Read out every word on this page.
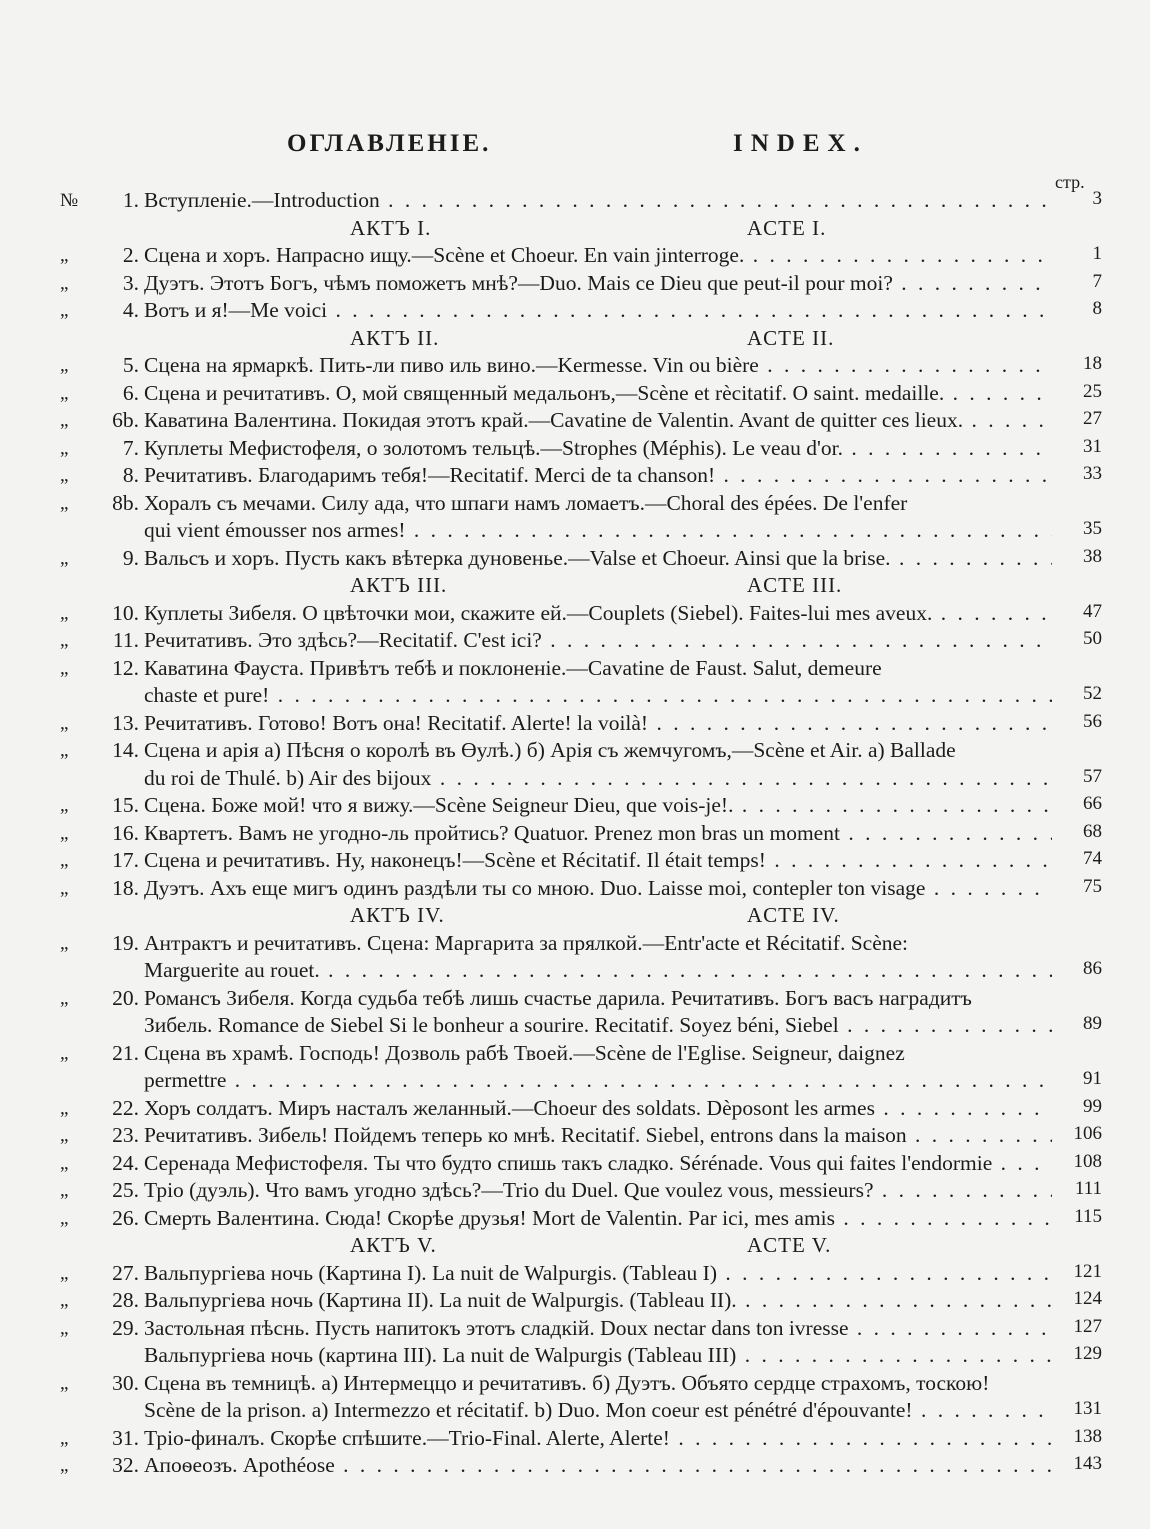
ОГЛАВЛЕНІЕ.	INDEX.
стр.
№	1. Вступленіе.—Introduction . . .	3
АКТЪ I.	ACTE I.
„	2. Сцена и хоръ. Напрасно ищу.—Scène et Choeur. En vain jinterroge. . . .	1
„	3. Дуэтъ. Этотъ Богъ, чѣмъ поможетъ мнѣ?—Duo. Mais ce Dieu que peut-il pour moi? . . .	7
„	4. Вотъ и я!—Me voici . . .	8
АКТЪ II.	ACTE II.
„	5. Сцена на ярмаркѣ. Пить-ли пиво иль вино.—Kermesse. Vin ou bière . . .	18
„	6. Сцена и речитативъ. О, мой священный медальонъ,—Scène et rècitatif. O saint. medaille. . . .	25
„	6b. Каватина Валентина. Покидая этотъ край.—Cavatine de Valentin. Avant de quitter ces lieux. . . .	27
„	7. Куплеты Мефистофеля, о золотомъ тельцѣ.—Strophes (Méphis). Le veau d'or. . . .	31
„	8. Речитативъ. Благодаримъ тебя!—Recitatif. Merci de ta chanson! . . .	33
„	8b. Хоралъ съ мечами. Силу ада, что шпаги намъ ломаетъ.—Choral des épées. De l'enfer
qui vient émousser nos armes! . . .	35
„	9. Вальсъ и хоръ. Пусть какъ вѣтерка дуновенье.—Valse et Choeur. Ainsi que la brise. . . .	38
АКТЪ III.	ACTE III.
„	10. Куплеты Зибеля. О цвѣточки мои, скажите ей.—Couplets (Siebel). Faites-lui mes aveux. . . .	47
„	11. Речитативъ. Это здѣсь?—Recitatif. C'est ici? . . .	50
„	12. Каватина Фауста. Привѣтъ тебѣ и поклоненіе.—Cavatine de Faust. Salut, demeure
chaste et pure! . . .	52
„	13. Речитативъ. Готово! Вотъ она! Recitatif. Alerte! la voilà! . . .	56
„	14. Сцена и арія а) Пѣсня о королѣ въ Өулѣ.) б) Арія съ жемчугомъ,—Scène et Air. a) Ballade
du roi de Thulé. b) Air des bijoux . . .	57
„	15. Сцена. Боже мой! что я вижу.—Scène Seigneur Dieu, que vois-je!. . . .	66
„	16. Квартетъ. Вамъ не угодно-ль пройтись? Quatuor. Prenez mon bras un moment . . .	68
„	17. Сцена и речитативъ. Ну, наконецъ!—Scène et Récitatif. Il était temps! . . .	74
„	18. Дуэтъ. Ахъ еще мигъ одинъ раздѣли ты со мною. Duo. Laisse moi, contepler ton visage . . .	75
АКТЪ IV.	ACTE IV.
„	19. Антрактъ и речитативъ. Сцена: Маргарита за прялкой.—Entr'acte et Récitatif. Scène:
Marguerite au rouet. . . .	86
„	20. Романсъ Зибеля. Когда судьба тебѣ лишь счастье дарила. Речитативъ. Богъ васъ наградитъ
Зибель. Romance de Siebel Si le bonheur a sourire. Recitatif. Soyez béni, Siebel . . .	89
„	21. Сцена въ храмѣ. Господь! Дозволь рабѣ Твоей.—Scène de l'Eglise. Seigneur, daignez
permettre . . .	91
„	22. Хоръ солдатъ. Миръ насталъ желанный.—Choeur des soldats. Dèposont les armes . . .	99
„	23. Речитативъ. Зибель! Пойдемъ теперь ко мнѣ. Recitatif. Siebel, entrons dans la maison . . .	106
„	24. Серенада Мефистофеля. Ты что будто спишь такъ сладко. Sérénade. Vous qui faites l'endormie . . .	108
„	25. Тріо (дуэль). Что вамъ угодно здѣсь?—Trio du Duel. Que voulez vous, messieurs? . . .	111
„	26. Смерть Валентина. Сюда! Скорѣе друзья! Mort de Valentin. Par ici, mes amis . . .	115
АКТЪ V.	ACTE V.
„	27. Вальпургіева ночь (Картина I). La nuit de Walpurgis. (Tableau I) . . .	121
„	28. Вальпургіева ночь (Картина II). La nuit de Walpurgis. (Tableau II). . . .	124
„	29. Застольная пѣснь. Пусть напитокъ этотъ сладкій. Doux nectar dans ton ivresse . . .	127
Вальпургіева ночь (картина III). La nuit de Walpurgis (Tableau III) . . .	129
„	30. Сцена въ темницѣ. а) Интермеццо и речитативъ. б) Дуэтъ. Объято сердце страхомъ, тоскою!
Scène de la prison. a) Intermezzo et récitatif. b) Duo. Mon coeur est pénétré d'épouvante! . . .	131
„	31. Тріо-финалъ. Скорѣе спѣшите.—Trio-Final. Alerte, Alerte! . . .	138
„	32. Апоѳеозъ. Apothéose . . .	143
